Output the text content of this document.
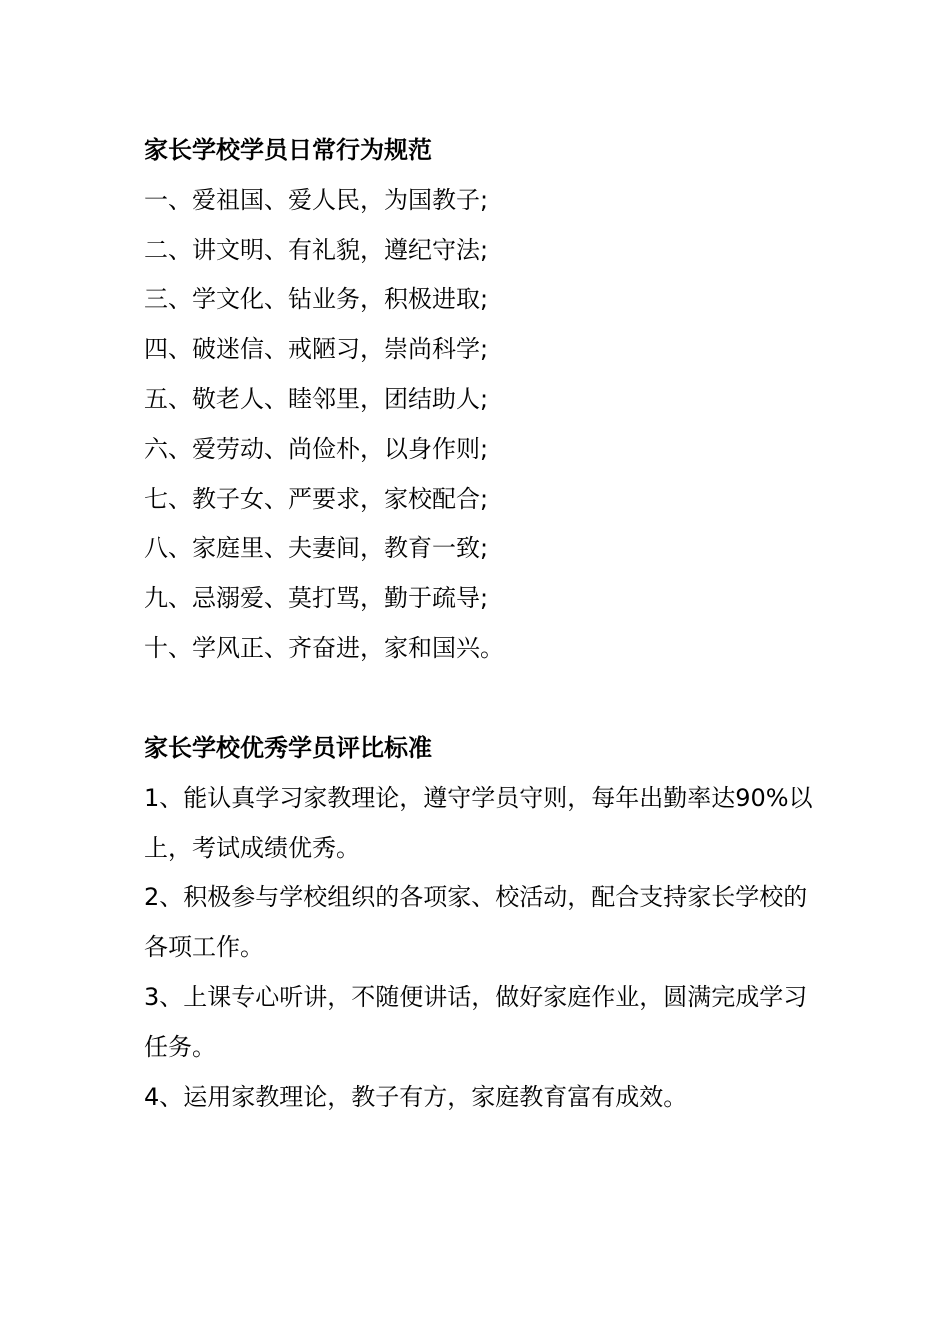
家长学校学员日常行为规范
一、爱祖国、爱人民，为国教子;
二、讲文明、有礼貌，遵纪守法;
三、学文化、钻业务，积极进取;
四、破迷信、戒陋习，崇尚科学;
五、敬老人、睦邻里，团结助人;
六、爱劳动、尚俭朴，以身作则;
七、教子女、严要求，家校配合;
八、家庭里、夫妻间，教育一致;
九、忌溺爱、莫打骂，勤于疏导;
十、学风正、齐奋进，家和国兴。
家长学校优秀学员评比标准
1、能认真学习家教理论，遵守学员守则，每年出勤率达90%以上，考试成绩优秀。
2、积极参与学校组织的各项家、校活动，配合支持家长学校的各项工作。
3、上课专心听讲，不随便讲话，做好家庭作业，圆满完成学习任务。
4、运用家教理论，教子有方，家庭教育富有成效。
